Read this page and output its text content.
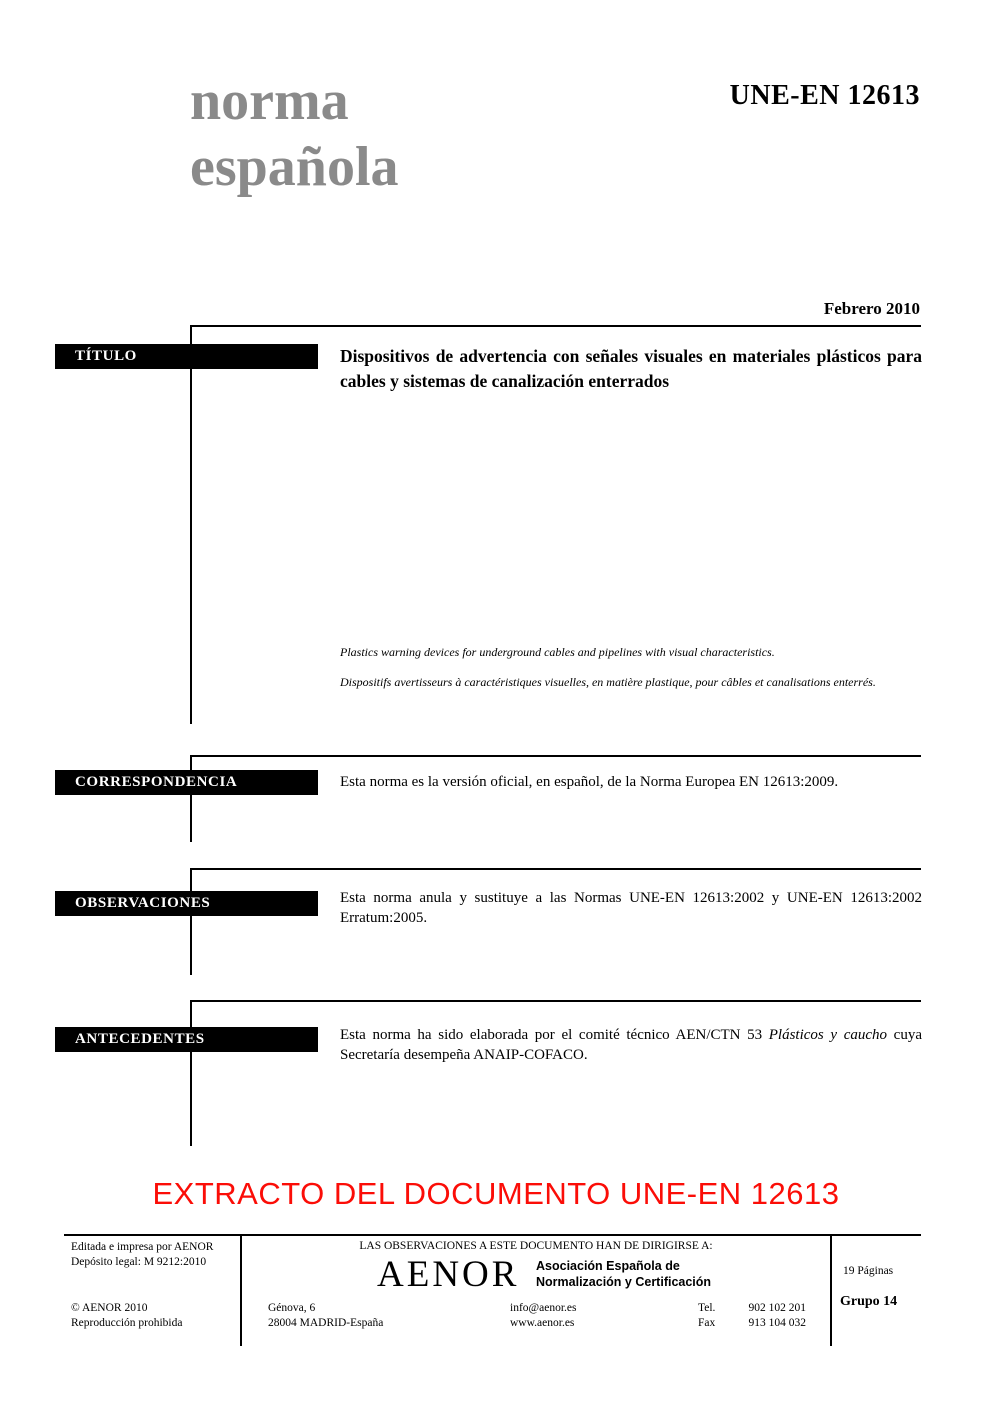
UNE-EN 12613
norma
española
Febrero 2010
TÍTULO	Dispositivos de advertencia con señales visuales en materiales plásticos para cables y sistemas de canalización enterrados
Plastics warning devices for underground cables and pipelines with visual characteristics.
Dispositifs avertisseurs à caractéristiques visuelles, en matière plastique, pour câbles et canalisations enterrés.
CORRESPONDENCIA	Esta norma es la versión oficial, en español, de la Norma Europea EN 12613:2009.
OBSERVACIONES	Esta norma anula y sustituye a las Normas UNE-EN 12613:2002 y UNE-EN 12613:2002 Erratum:2005.
ANTECEDENTES	Esta norma ha sido elaborada por el comité técnico AEN/CTN 53 Plásticos y caucho cuya Secretaría desempeña ANAIP-COFACO.
EXTRACTO DEL DOCUMENTO UNE-EN 12613
Editada e impresa por AENOR
Depósito legal: M 9212:2010
© AENOR 2010
Reproducción prohibida
LAS OBSERVACIONES A ESTE DOCUMENTO HAN DE DIRIGIRSE A:
AENOR Asociación Española de
Normalización y Certificación
Génova, 6
28004 MADRID-España
info@aenor.es
www.aenor.es
Tel.	902 102 201
Fax	913 104 032
19 Páginas
Grupo 14
